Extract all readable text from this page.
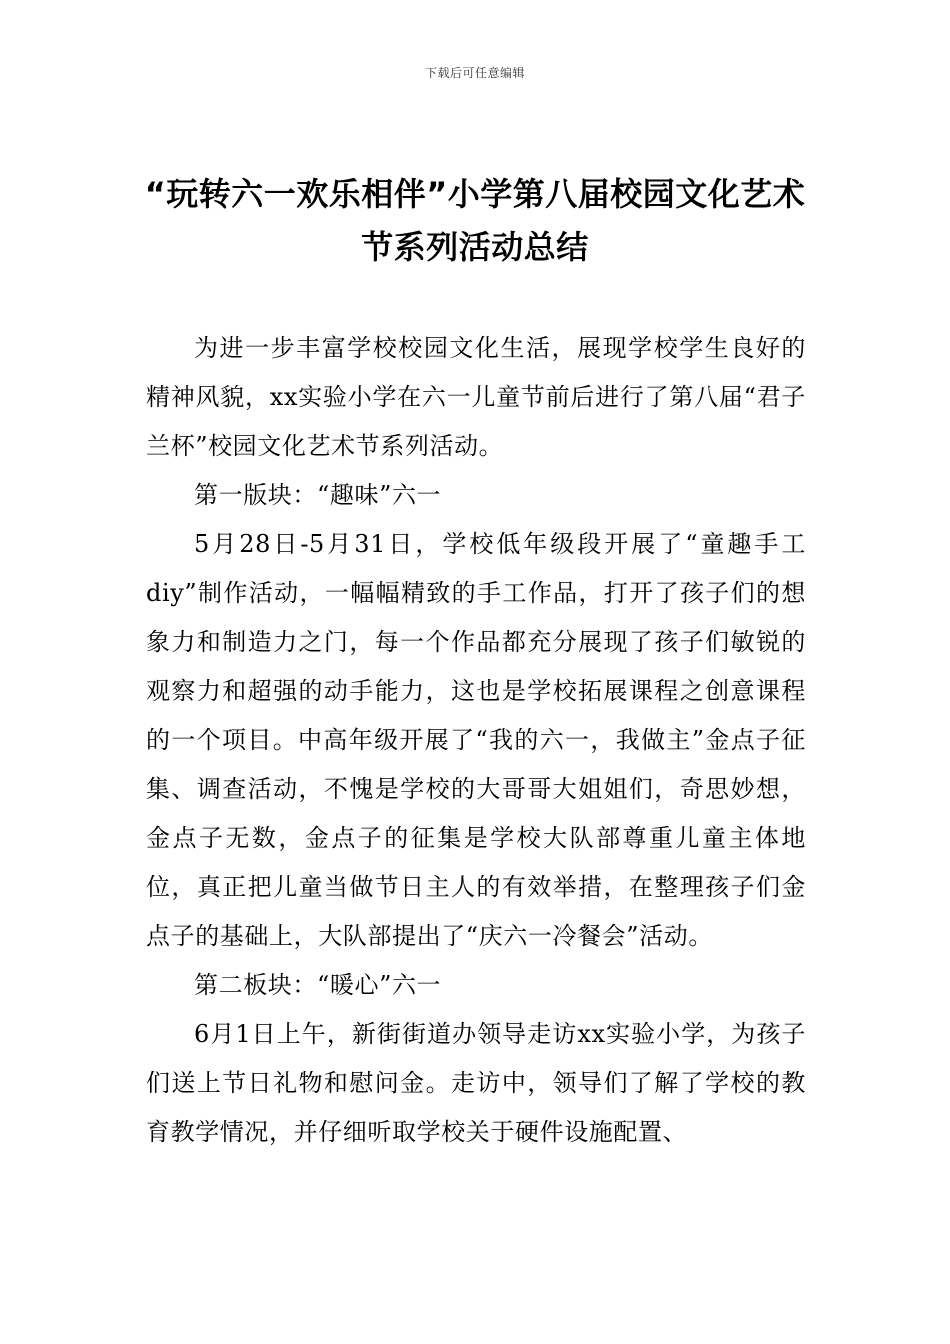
下载后可任意编辑
“玩转六一欢乐相伴”小学第八届校园文化艺术节系列活动总结

为进一步丰富学校校园文化生活，展现学校学生良好的精神风貌，xx实验小学在六一儿童节前后进行了第八届“君子兰杯”校园文化艺术节系列活动。

第一版块：“趣味”六一

5月28日-5月31日，学校低年级段开展了“童趣手工diy”制作活动，一幅幅精致的手工作品，打开了孩子们的想象力和制造力之门，每一个作品都充分展现了孩子们敏锐的观察力和超强的动手能力，这也是学校拓展课程之创意课程的一个项目。中高年级开展了“我的六一，我做主”金点子征集、调查活动，不愧是学校的大哥哥大姐姐们，奇思妙想，金点子无数，金点子的征集是学校大队部尊重儿童主体地位，真正把儿童当做节日主人的有效举措，在整理孩子们金点子的基础上，大队部提出了“庆六一冷餐会”活动。

第二板块：“暖心”六一

6月1日上午，新街街道办领导走访xx实验小学，为孩子们送上节日礼物和慰问金。走访中，领导们了解了学校的教育教学情况，并仔细听取学校关于硬件设施配置、
